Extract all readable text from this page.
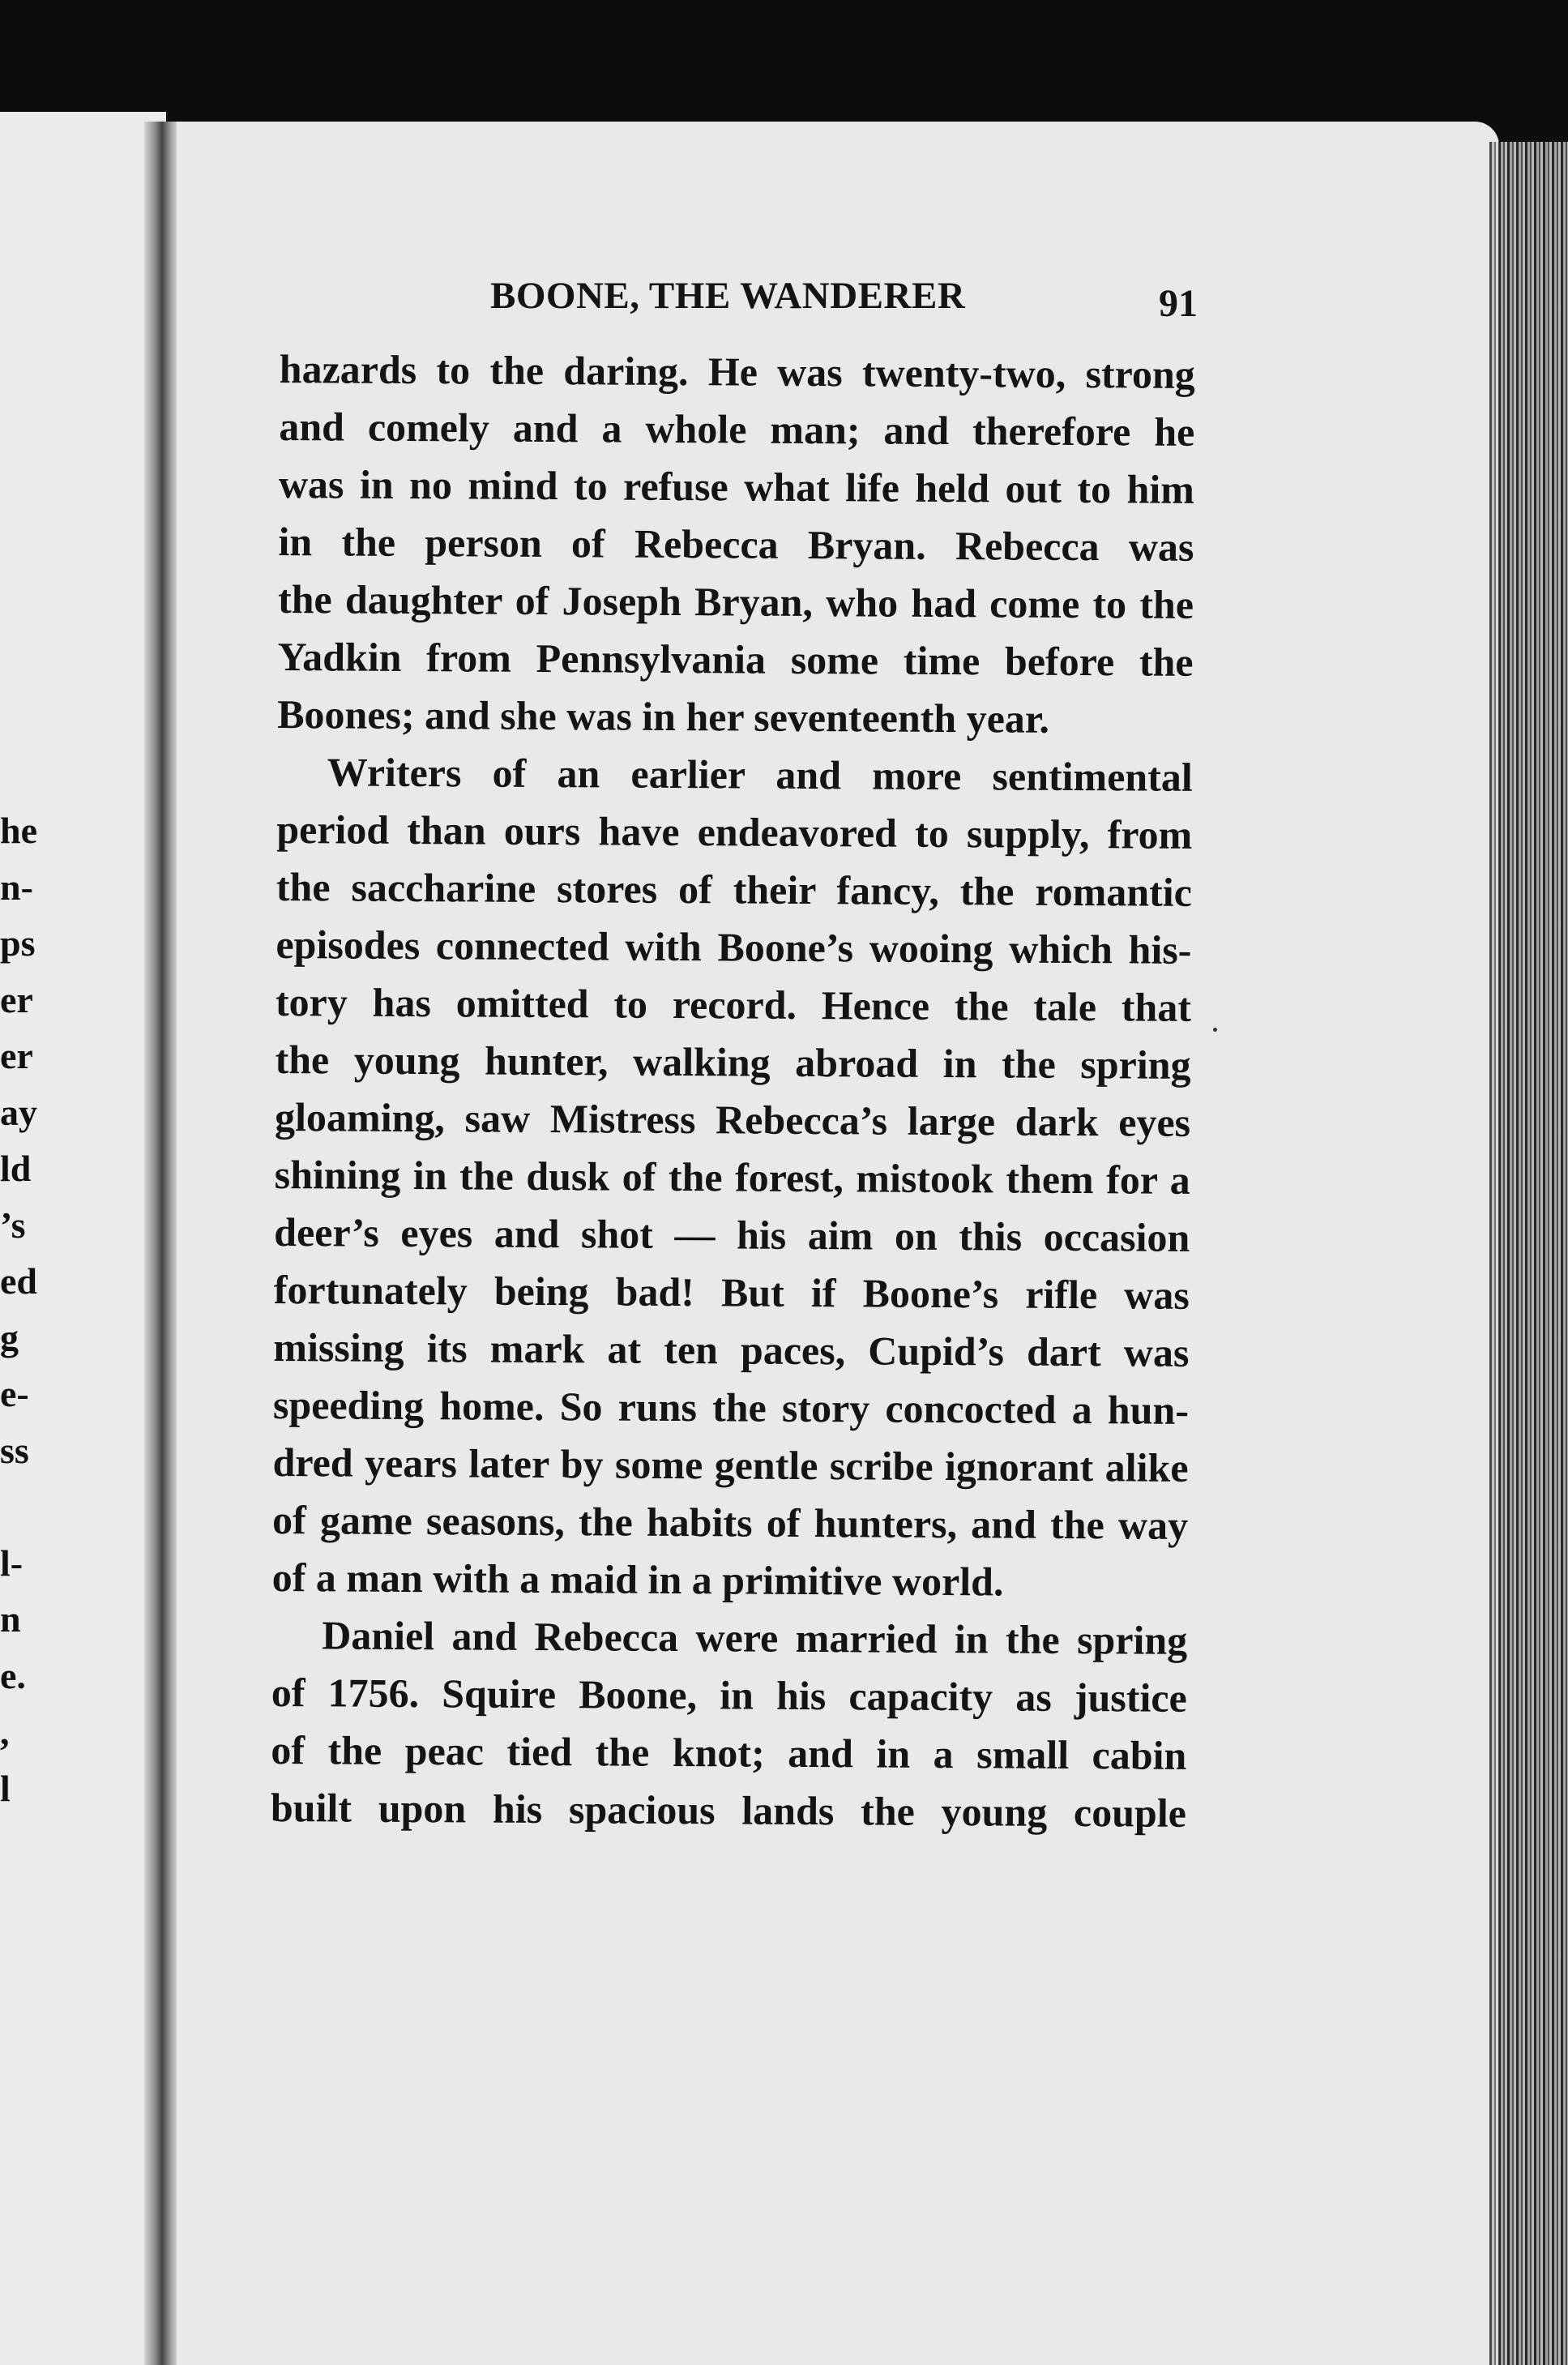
he
n-
ps
er
er
ay
ld
’s
ed
g
e-
ss
l-
n
e.
,
l
BOONE, THE WANDERER	91
hazards to the daring. He was twenty-two, strong
and comely and a whole man; and therefore he
was in no mind to refuse what life held out to him
in the person of Rebecca Bryan. Rebecca was
the daughter of Joseph Bryan, who had come to the
Yadkin from Pennsylvania some time before the
Boones; and she was in her seventeenth year.
Writers of an earlier and more sentimental
period than ours have endeavored to supply, from
the saccharine stores of their fancy, the romantic
episodes connected with Boone’s wooing which his-
tory has omitted to record. Hence the tale that
the young hunter, walking abroad in the spring
gloaming, saw Mistress Rebecca’s large dark eyes
shining in the dusk of the forest, mistook them for a
deer’s eyes and shot — his aim on this occasion
fortunately being bad! But if Boone’s rifle was
missing its mark at ten paces, Cupid’s dart was
speeding home. So runs the story concocted a hun-
dred years later by some gentle scribe ignorant alike
of game seasons, the habits of hunters, and the way
of a man with a maid in a primitive world.
Daniel and Rebecca were married in the spring
of 1756. Squire Boone, in his capacity as justice
of the peac tied the knot; and in a small cabin
built upon his spacious lands the young couple
